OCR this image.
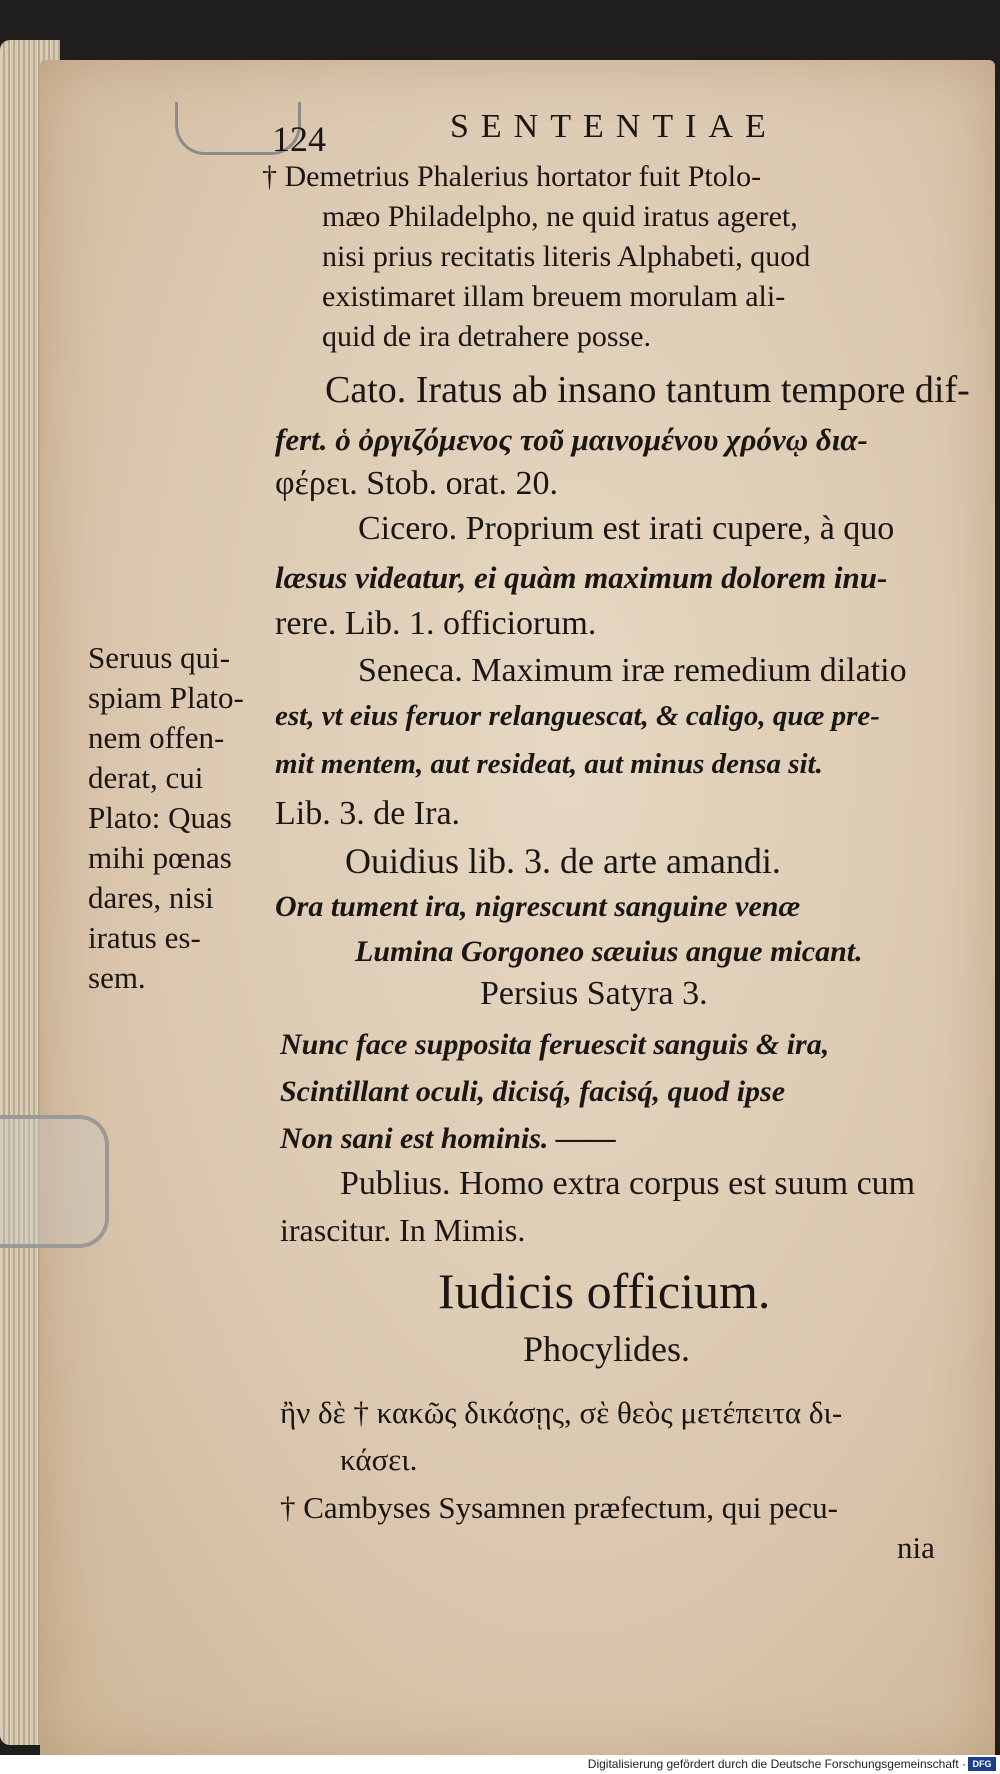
124	SENTENTIAE
† Demetrius Phalerius hortator fuit Ptolo-
mæo Philadelpho, ne quid iratus ageret,
nisi prius recitatis literis Alphabeti, quod
existimaret illam breuem morulam ali-
quid de ira detrahere posse.
Cato. Iratus ab insano tantum tempore dif-
fert. ὁ ὀργιζόμενος τοῦ μαινομένου χρόνῳ δια-
φέρει. Stob. orat. 20.
Cicero. Proprium est irati cupere, à quo
læsus videatur, ei quàm maximum dolorem inu-
rere. Lib. 1. officiorum.
Seneca. Maximum iræ remedium dilatio
est, vt eius feruor relanguescat, & caligo, quæ pre-
mit mentem, aut resideat, aut minus densa sit.
Lib. 3. de Ira.
Ouidius lib. 3. de arte amandi.
Ora tument ira, nigrescunt sanguine venæ
Lumina Gorgoneo sæuius angue micant.
Persius Satyra 3.
Nunc face supposita feruescit sanguis & ira,
Scintillant oculi, dicisq́, facisq́, quod ipse
Non sani est hominis. ——
Publius. Homo extra corpus est suum cum
irascitur. In Mimis.
Iudicis officium.
Phocylides.
ἢν δὲ † κακῶς δικάσῃς, σὲ θεὸς μετέπειτα δι-
κάσει.
† Cambyses Sysamnen præfectum, qui pecu-
nia
Seruus qui-
spiam Plato-
nem offen-
derat, cui
Plato: Quas
mihi pœnas
dares, nisi
iratus es-
sem.
Digitalisierung gefördert durch die Deutsche Forschungsgemeinschaft · DFG
